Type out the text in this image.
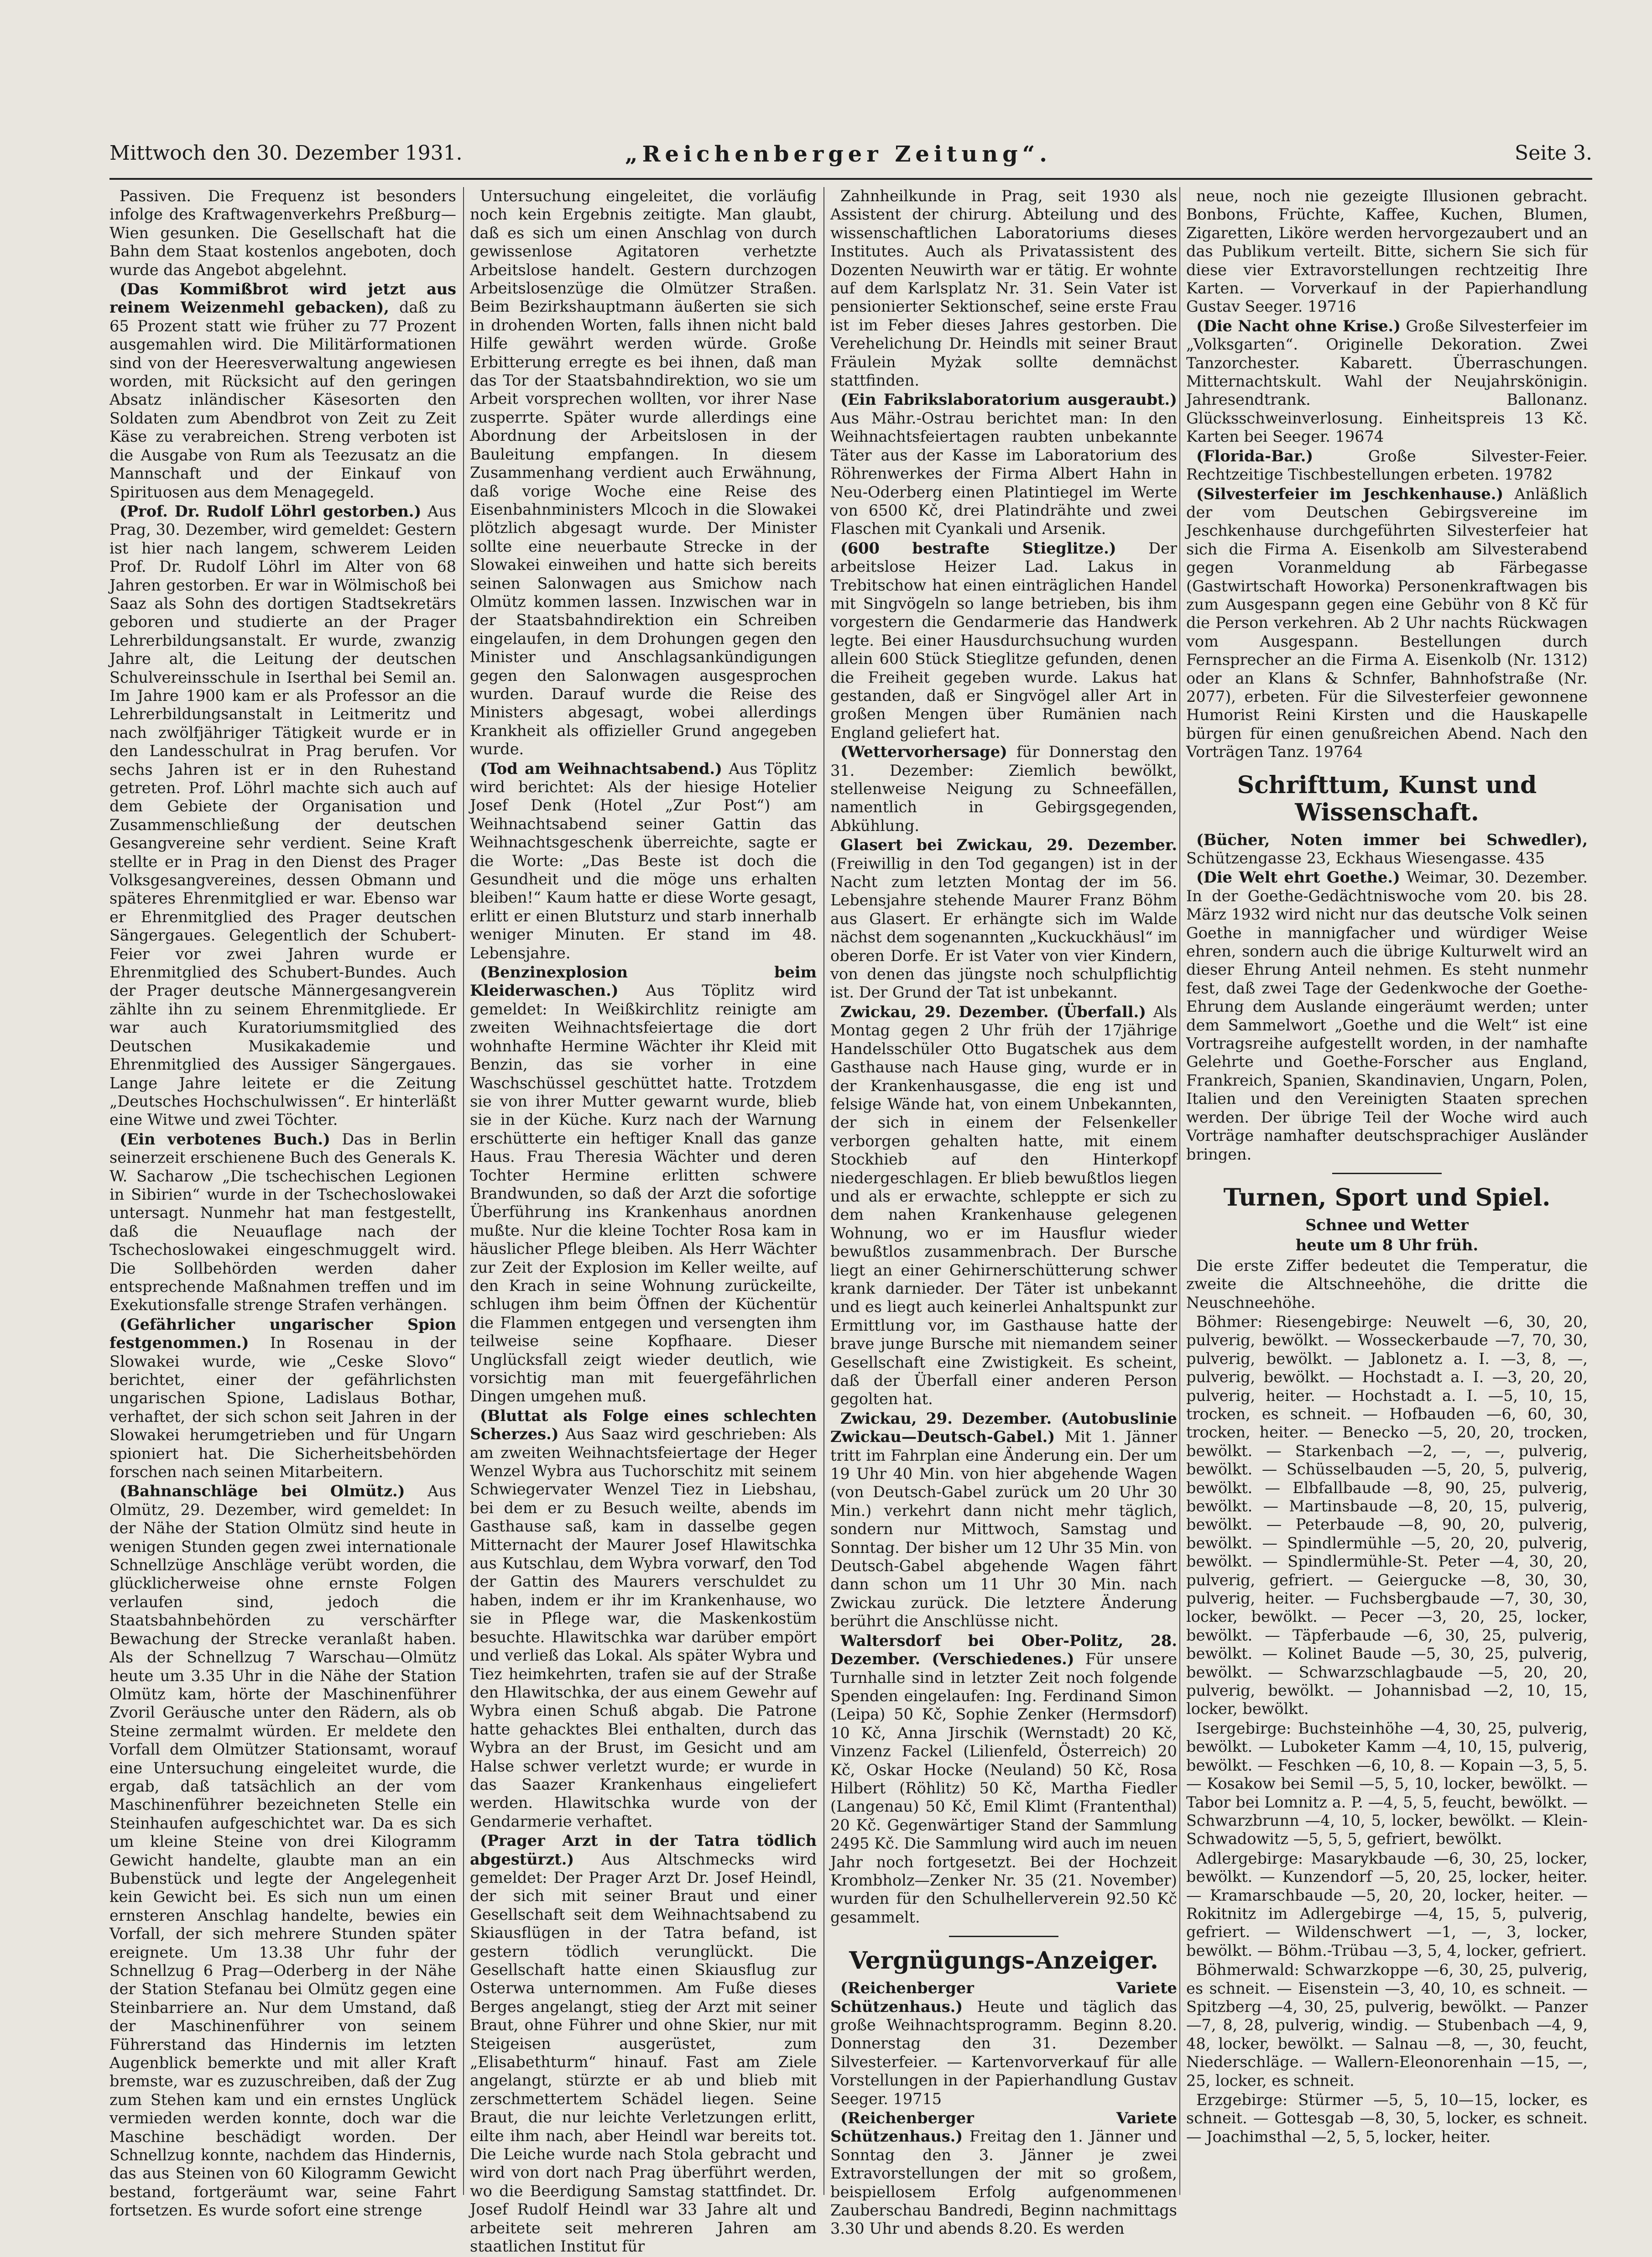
Mittwoch den 30. Dezember 1931.	„Reichenberger Zeitung“.	Seite 3.

Passiven. Die Frequenz ist besonders infolge des Kraftwagenverkehrs Preßburg—Wien gesunken. Die Gesellschaft hat die Bahn dem Staat kostenlos angeboten, doch wurde das Angebot abgelehnt.

(Das Kommißbrot wird jetzt aus reinem Weizenmehl gebacken), daß zu 65 Prozent statt wie früher zu 77 Prozent ausgemahlen wird. Die Militärformationen sind von der Heeresverwaltung angewiesen worden, mit Rücksicht auf den geringen Absatz inländischer Käsesorten den Soldaten zum Abendbrot von Zeit zu Zeit Käse zu verabreichen. Streng verboten ist die Ausgabe von Rum als Teezusatz an die Mannschaft und der Einkauf von Spirituosen aus dem Menagegeld.

(Prof. Dr. Rudolf Löhrl gestorben.) Aus Prag, 30. Dezember, wird gemeldet: Gestern ist hier nach langem, schwerem Leiden Prof. Dr. Rudolf Löhrl im Alter von 68 Jahren gestorben. Er war in Wölmischoß bei Saaz als Sohn des dortigen Stadtsekretärs geboren und studierte an der Prager Lehrerbildungsanstalt. Er wurde, zwanzig Jahre alt, die Leitung der deutschen Schulvereinsschule in Iserthal bei Semil an. Im Jahre 1900 kam er als Professor an die Lehrerbildungsanstalt in Leitmeritz und nach zwölfjähriger Tätigkeit wurde er in den Landesschulrat in Prag berufen. Vor sechs Jahren ist er in den Ruhestand getreten. Prof. Löhrl machte sich auch auf dem Gebiete der Organisation und Zusammenschließung der deutschen Gesangvereine sehr verdient. Seine Kraft stellte er in Prag in den Dienst des Prager Volksgesangvereines, dessen Obmann und späteres Ehrenmitglied er war. Ebenso war er Ehrenmitglied des Prager deutschen Sängergaues. Gelegentlich der Schubert-Feier vor zwei Jahren wurde er Ehrenmitglied des Schubert-Bundes. Auch der Prager deutsche Männergesangverein zählte ihn zu seinem Ehrenmitgliede. Er war auch Kuratoriumsmitglied des Deutschen Musikakademie und Ehrenmitglied des Aussiger Sängergaues. Lange Jahre leitete er die Zeitung „Deutsches Hochschulwissen“. Er hinterläßt eine Witwe und zwei Töchter.

(Ein verbotenes Buch.) Das in Berlin seinerzeit erschienene Buch des Generals K. W. Sacharow „Die tschechischen Legionen in Sibirien“ wurde in der Tschechoslowakei untersagt. Nunmehr hat man festgestellt, daß die Neuauflage nach der Tschechoslowakei eingeschmuggelt wird. Die Sollbehörden werden daher entsprechende Maßnahmen treffen und im Exekutionsfalle strenge Strafen verhängen.

(Gefährlicher ungarischer Spion festgenommen.) In Rosenau in der Slowakei wurde, wie „Ceske Slovo“ berichtet, einer der gefährlichsten ungarischen Spione, Ladislaus Bothar, verhaftet, der sich schon seit Jahren in der Slowakei herumgetrieben und für Ungarn spioniert hat. Die Sicherheitsbehörden forschen nach seinen Mitarbeitern.

(Bahnanschläge bei Olmütz.) Aus Olmütz, 29. Dezember, wird gemeldet: In der Nähe der Station Olmütz sind heute in wenigen Stunden gegen zwei internationale Schnellzüge Anschläge verübt worden, die glücklicherweise ohne ernste Folgen verlaufen sind, jedoch die Staatsbahnbehörden zu verschärfter Bewachung der Strecke veranlaßt haben. Als der Schnellzug 7 Warschau—Olmütz heute um 3.35 Uhr in die Nähe der Station Olmütz kam, hörte der Maschinenführer Zvoril Geräusche unter den Rädern, als ob Steine zermalmt würden. Er meldete den Vorfall dem Olmützer Stationsamt, worauf eine Untersuchung eingeleitet wurde, die ergab, daß tatsächlich an der vom Maschinenführer bezeichneten Stelle ein Steinhaufen aufgeschichtet war. Da es sich um kleine Steine von drei Kilogramm Gewicht handelte, glaubte man an ein Bubenstück und legte der Angelegenheit kein Gewicht bei. Es sich nun um einen ernsteren Anschlag handelte, bewies ein Vorfall, der sich mehrere Stunden später ereignete. Um 13.38 Uhr fuhr der Schnellzug 6 Prag—Oderberg in der Nähe der Station Stefanau bei Olmütz gegen eine Steinbarriere an. Nur dem Umstand, daß der Maschinenführer von seinem Führerstand das Hindernis im letzten Augenblick bemerkte und mit aller Kraft bremste, war es zuzuschreiben, daß der Zug zum Stehen kam und ein ernstes Unglück vermieden werden konnte, doch war die Maschine beschädigt worden. Der Schnellzug konnte, nachdem das Hindernis, das aus Steinen von 60 Kilogramm Gewicht bestand, fortgeräumt war, seine Fahrt fortsetzen. Es wurde sofort eine strenge

Untersuchung eingeleitet, die vorläufig noch kein Ergebnis zeitigte. Man glaubt, daß es sich um einen Anschlag von durch gewissenlose Agitatoren verhetzte Arbeitslose handelt. Gestern durchzogen Arbeitslosenzüge die Olmützer Straßen. Beim Bezirkshauptmann äußerten sie sich in drohenden Worten, falls ihnen nicht bald Hilfe gewährt werden würde. Große Erbitterung erregte es bei ihnen, daß man das Tor der Staatsbahndirektion, wo sie um Arbeit vorsprechen wollten, vor ihrer Nase zusperrte. Später wurde allerdings eine Abordnung der Arbeitslosen in der Bauleitung empfangen. In diesem Zusammenhang verdient auch Erwähnung, daß vorige Woche eine Reise des Eisenbahnministers Mlcoch in die Slowakei plötzlich abgesagt wurde. Der Minister sollte eine neuerbaute Strecke in der Slowakei einweihen und hatte sich bereits seinen Salonwagen aus Smichow nach Olmütz kommen lassen. Inzwischen war in der Staatsbahndirektion ein Schreiben eingelaufen, in dem Drohungen gegen den Minister und Anschlagsankündigungen gegen den Salonwagen ausgesprochen wurden. Darauf wurde die Reise des Ministers abgesagt, wobei allerdings Krankheit als offizieller Grund angegeben wurde.

(Tod am Weihnachtsabend.) Aus Töplitz wird berichtet: Als der hiesige Hotelier Josef Denk (Hotel „Zur Post“) am Weihnachtsabend seiner Gattin das Weihnachtsgeschenk überreichte, sagte er die Worte: „Das Beste ist doch die Gesundheit und die möge uns erhalten bleiben!“ Kaum hatte er diese Worte gesagt, erlitt er einen Blutsturz und starb innerhalb weniger Minuten. Er stand im 48. Lebensjahre.

(Benzinexplosion beim Kleiderwaschen.) Aus Töplitz wird gemeldet: In Weißkirchlitz reinigte am zweiten Weihnachtsfeiertage die dort wohnhafte Hermine Wächter ihr Kleid mit Benzin, das sie vorher in eine Waschschüssel geschüttet hatte. Trotzdem sie von ihrer Mutter gewarnt wurde, blieb sie in der Küche. Kurz nach der Warnung erschütterte ein heftiger Knall das ganze Haus. Frau Theresia Wächter und deren Tochter Hermine erlitten schwere Brandwunden, so daß der Arzt die sofortige Überführung ins Krankenhaus anordnen mußte. Nur die kleine Tochter Rosa kam in häuslicher Pflege bleiben. Als Herr Wächter zur Zeit der Explosion im Keller weilte, auf den Krach in seine Wohnung zurückeilte, schlugen ihm beim Öffnen der Küchentür die Flammen entgegen und versengten ihm teilweise seine Kopfhaare. Dieser Unglücksfall zeigt wieder deutlich, wie vorsichtig man mit feuergefährlichen Dingen umgehen muß.

(Bluttat als Folge eines schlechten Scherzes.) Aus Saaz wird geschrieben: Als am zweiten Weihnachtsfeiertage der Heger Wenzel Wybra aus Tuchorschitz mit seinem Schwiegervater Wenzel Tiez in Liebshau, bei dem er zu Besuch weilte, abends im Gasthause saß, kam in dasselbe gegen Mitternacht der Maurer Josef Hlawitschka aus Kutschlau, dem Wybra vorwarf, den Tod der Gattin des Maurers verschuldet zu haben, indem er ihr im Krankenhause, wo sie in Pflege war, die Maskenkostüm besuchte. Hlawitschka war darüber empört und verließ das Lokal. Als später Wybra und Tiez heimkehrten, trafen sie auf der Straße den Hlawitschka, der aus einem Gewehr auf Wybra einen Schuß abgab. Die Patrone hatte gehacktes Blei enthalten, durch das Wybra an der Brust, im Gesicht und am Halse schwer verletzt wurde; er wurde in das Saazer Krankenhaus eingeliefert werden. Hlawitschka wurde von der Gendarmerie verhaftet.

(Prager Arzt in der Tatra tödlich abgestürzt.) Aus Altschmecks wird gemeldet: Der Prager Arzt Dr. Josef Heindl, der sich mit seiner Braut und einer Gesellschaft seit dem Weihnachtsabend zu Skiausflügen in der Tatra befand, ist gestern tödlich verunglückt. Die Gesellschaft hatte einen Skiausflug zur Osterwa unternommen. Am Fuße dieses Berges angelangt, stieg der Arzt mit seiner Braut, ohne Führer und ohne Skier, nur mit Steigeisen ausgerüstet, zum „Elisabethturm“ hinauf. Fast am Ziele angelangt, stürzte er ab und blieb mit zerschmettertem Schädel liegen. Seine Braut, die nur leichte Verletzungen erlitt, eilte ihm nach, aber Heindl war bereits tot. Die Leiche wurde nach Stola gebracht und wird von dort nach Prag überführt werden, wo die Beerdigung Samstag stattfindet. Dr. Josef Rudolf Heindl war 33 Jahre alt und arbeitete seit mehreren Jahren am staatlichen Institut für

Zahnheilkunde in Prag, seit 1930 als Assistent der chirurg. Abteilung und des wissenschaftlichen Laboratoriums dieses Institutes. Auch als Privatassistent des Dozenten Neuwirth war er tätig. Er wohnte auf dem Karlsplatz Nr. 31. Sein Vater ist pensionierter Sektionschef, seine erste Frau ist im Feber dieses Jahres gestorben. Die Verehelichung Dr. Heindls mit seiner Braut Fräulein Myżak sollte demnächst stattfinden.

(Ein Fabrikslaboratorium ausgeraubt.) Aus Mähr.-Ostrau berichtet man: In den Weihnachtsfeiertagen raubten unbekannte Täter aus der Kasse im Laboratorium des Röhrenwerkes der Firma Albert Hahn in Neu-Oderberg einen Platintiegel im Werte von 6500 Kč, drei Platindrähte und zwei Flaschen mit Cyankali und Arsenik.

(600 bestrafte Stieglitze.) Der arbeitslose Heizer Lad. Lakus in Trebitschow hat einen einträglichen Handel mit Singvögeln so lange betrieben, bis ihm vorgestern die Gendarmerie das Handwerk legte. Bei einer Hausdurchsuchung wurden allein 600 Stück Stieglitze gefunden, denen die Freiheit gegeben wurde. Lakus hat gestanden, daß er Singvögel aller Art in großen Mengen über Rumänien nach England geliefert hat.

(Wettervorhersage) für Donnerstag den 31. Dezember: Ziemlich bewölkt, stellenweise Neigung zu Schneefällen, namentlich in Gebirgsgegenden, Abkühlung.

Glasert bei Zwickau, 29. Dezember. (Freiwillig in den Tod gegangen) ist in der Nacht zum letzten Montag der im 56. Lebensjahre stehende Maurer Franz Böhm aus Glasert. Er erhängte sich im Walde nächst dem sogenannten „Kuckuckhäusl“ im oberen Dorfe. Er ist Vater von vier Kindern, von denen das jüngste noch schulpflichtig ist. Der Grund der Tat ist unbekannt.

Zwickau, 29. Dezember. (Überfall.) Als Montag gegen 2 Uhr früh der 17jährige Handelsschüler Otto Bugatschek aus dem Gasthause nach Hause ging, wurde er in der Krankenhausgasse, die eng ist und felsige Wände hat, von einem Unbekannten, der sich in einem der Felsenkeller verborgen gehalten hatte, mit einem Stockhieb auf den Hinterkopf niedergeschlagen. Er blieb bewußtlos liegen und als er erwachte, schleppte er sich zu dem nahen Krankenhause gelegenen Wohnung, wo er im Hausflur wieder bewußtlos zusammenbrach. Der Bursche liegt an einer Gehirnerschütterung schwer krank darnieder. Der Täter ist unbekannt und es liegt auch keinerlei Anhaltspunkt zur Ermittlung vor, im Gasthause hatte der brave junge Bursche mit niemandem seiner Gesellschaft eine Zwistigkeit. Es scheint, daß der Überfall einer anderen Person gegolten hat.

Zwickau, 29. Dezember. (Autobuslinie Zwickau—Deutsch-Gabel.) Mit 1. Jänner tritt im Fahrplan eine Änderung ein. Der um 19 Uhr 40 Min. von hier abgehende Wagen (von Deutsch-Gabel zurück um 20 Uhr 30 Min.) verkehrt dann nicht mehr täglich, sondern nur Mittwoch, Samstag und Sonntag. Der bisher um 12 Uhr 35 Min. von Deutsch-Gabel abgehende Wagen fährt dann schon um 11 Uhr 30 Min. nach Zwickau zurück. Die letztere Änderung berührt die Anschlüsse nicht.

Waltersdorf bei Ober-Politz, 28. Dezember. (Verschiedenes.) Für unsere Turnhalle sind in letzter Zeit noch folgende Spenden eingelaufen: Ing. Ferdinand Simon (Leipa) 50 Kč, Sophie Zenker (Hermsdorf) 10 Kč, Anna Jirschik (Wernstadt) 20 Kč, Vinzenz Fackel (Lilienfeld, Österreich) 20 Kč, Oskar Hocke (Neuland) 50 Kč, Rosa Hilbert (Röhlitz) 50 Kč, Martha Fiedler (Langenau) 50 Kč, Emil Klimt (Frantenthal) 20 Kč. Gegenwärtiger Stand der Sammlung 2495 Kč. Die Sammlung wird auch im neuen Jahr noch fortgesetzt. Bei der Hochzeit Krombholz—Zenker Nr. 35 (21. November) wurden für den Schulhellerverein 92.50 Kč gesammelt.

Vergnügungs-Anzeiger.

(Reichenberger Variete Schützenhaus.) Heute und täglich das große Weihnachtsprogramm. Beginn 8.20. Donnerstag den 31. Dezember Silvesterfeier. — Kartenvorverkauf für alle Vorstellungen in der Papierhandlung Gustav Seeger. 19715

(Reichenberger Variete Schützenhaus.) Freitag den 1. Jänner und Sonntag den 3. Jänner je zwei Extravorstellungen der mit so großem, beispiellosem Erfolg aufgenommenen Zauberschau Bandredi, Beginn nachmittags 3.30 Uhr und abends 8.20. Es werden

neue, noch nie gezeigte Illusionen gebracht. Bonbons, Früchte, Kaffee, Kuchen, Blumen, Zigaretten, Liköre werden hervorgezaubert und an das Publikum verteilt. Bitte, sichern Sie sich für diese vier Extravorstellungen rechtzeitig Ihre Karten. — Vorverkauf in der Papierhandlung Gustav Seeger. 19716

(Die Nacht ohne Krise.) Große Silvesterfeier im „Volksgarten“. Originelle Dekoration. Zwei Tanzorchester. Kabarett. Überraschungen. Mitternachtskult. Wahl der Neujahrskönigin. Jahresendtrank. Ballonanz. Glücksschweinverlosung. Einheitspreis 13 Kč. Karten bei Seeger. 19674

(Florida-Bar.)	Große Silvester-Feier. Rechtzeitige Tischbestellungen erbeten. 19782

(Silvesterfeier im Jeschkenhause.) Anläßlich der vom Deutschen Gebirgsvereine im Jeschkenhause durchgeführten Silvesterfeier hat sich die Firma A. Eisenkolb am Silvesterabend gegen Voranmeldung ab Färbegasse (Gastwirtschaft Howorka) Personenkraftwagen bis zum Ausgespann gegen eine Gebühr von 8 Kč für die Person verkehren. Ab 2 Uhr nachts Rückwagen vom Ausgespann. Bestellungen durch Fernsprecher an die Firma A. Eisenkolb (Nr. 1312) oder an Klans & Schnfer, Bahnhofstraße (Nr. 2077), erbeten. Für die Silvesterfeier gewonnene Humorist Reini Kirsten und die Hauskapelle bürgen für einen genußreichen Abend. Nach den Vorträgen Tanz. 19764

Schrifttum, Kunst und Wissenschaft.

(Bücher, Noten immer bei Schwedler), Schützengasse 23, Eckhaus Wiesengasse. 435

(Die Welt ehrt Goethe.) Weimar, 30. Dezember. In der Goethe-Gedächtniswoche vom 20. bis 28. März 1932 wird nicht nur das deutsche Volk seinen Goethe in mannigfacher und würdiger Weise ehren, sondern auch die übrige Kulturwelt wird an dieser Ehrung Anteil nehmen. Es steht nunmehr fest, daß zwei Tage der Gedenkwoche der Goethe-Ehrung dem Auslande eingeräumt werden; unter dem Sammelwort „Goethe und die Welt“ ist eine Vortragsreihe aufgestellt worden, in der namhafte Gelehrte und Goethe-Forscher aus England, Frankreich, Spanien, Skandinavien, Ungarn, Polen, Italien und den Vereinigten Staaten sprechen werden. Der übrige Teil der Woche wird auch Vorträge namhafter deutschsprachiger Ausländer bringen.

Turnen, Sport und Spiel.
Schnee und Wetter
heute um 8 Uhr früh.

Die erste Ziffer bedeutet die Temperatur, die zweite die Altschneehöhe, die dritte die Neuschneehöhe.

Böhmer: Riesengebirge: Neuwelt —6, 30, 20, pulverig, bewölkt. — Wosseckerbaude —7, 70, 30, pulverig, bewölkt. — Jablonetz a. I. —3, 8, —, pulverig, bewölkt. — Hochstadt a. I. —3, 20, 20, pulverig, heiter. — Hochstadt a. I. —5, 10, 15, trocken, es schneit. — Hofbauden —6, 60, 30, trocken, heiter. — Benecko —5, 20, 20, trocken, bewölkt. — Starkenbach —2, —, —, pulverig, bewölkt. — Schüsselbauden —5, 20, 5, pulverig, bewölkt. — Elbfallbaude —8, 90, 25, pulverig, bewölkt. — Martinsbaude —8, 20, 15, pulverig, bewölkt. — Peterbaude —8, 90, 20, pulverig, bewölkt. — Spindlermühle —5, 20, 20, pulverig, bewölkt. — Spindlermühle-St. Peter —4, 30, 20, pulverig, gefriert. — Geiergucke —8, 30, 30, pulverig, heiter. — Fuchsbergbaude —7, 30, 30, locker, bewölkt. — Pecer —3, 20, 25, locker, bewölkt. — Täpferbaude —6, 30, 25, pulverig, bewölkt. — Kolinet Baude —5, 30, 25, pulverig, bewölkt. — Schwarzschlagbaude —5, 20, 20, pulverig, bewölkt. — Johannisbad —2, 10, 15, locker, bewölkt.

Isergebirge: Buchsteinhöhe —4, 30, 25, pulverig, bewölkt. — Luboketer Kamm —4, 10, 15, pulverig, bewölkt. — Feschken —6, 10, 8. — Kopain —3, 5, 5. — Kosakow bei Semil —5, 5, 10, locker, bewölkt. — Tabor bei Lomnitz a. P. —4, 5, 5, feucht, bewölkt. — Schwarzbrunn —4, 10, 5, locker, bewölkt. — Klein-Schwadowitz —5, 5, 5, gefriert, bewölkt.

Adlergebirge: Masarykbaude —6, 30, 25, locker, bewölkt. — Kunzendorf —5, 20, 25, locker, heiter. — Kramarschbaude —5, 20, 20, locker, heiter. — Rokitnitz im Adlergebirge —4, 15, 5, pulverig, gefriert. — Wildenschwert —1, —, 3, locker, bewölkt. — Böhm.-Trübau —3, 5, 4, locker, gefriert.

Böhmerwald: Schwarzkoppe —6, 30, 25, pulverig, es schneit. — Eisenstein —3, 40, 10, es schneit. — Spitzberg —4, 30, 25, pulverig, bewölkt. — Panzer —7, 8, 28, pulverig, windig. — Stubenbach —4, 9, 48, locker, bewölkt. — Salnau —8, —, 30, feucht, Niederschläge. — Wallern-Eleonorenhain —15, —, 25, locker, es schneit.

Erzgebirge: Stürmer —5, 5, 10—15, locker, es schneit. — Gottesgab —8, 30, 5, locker, es schneit. — Joachimsthal —2, 5, 5, locker, heiter.
